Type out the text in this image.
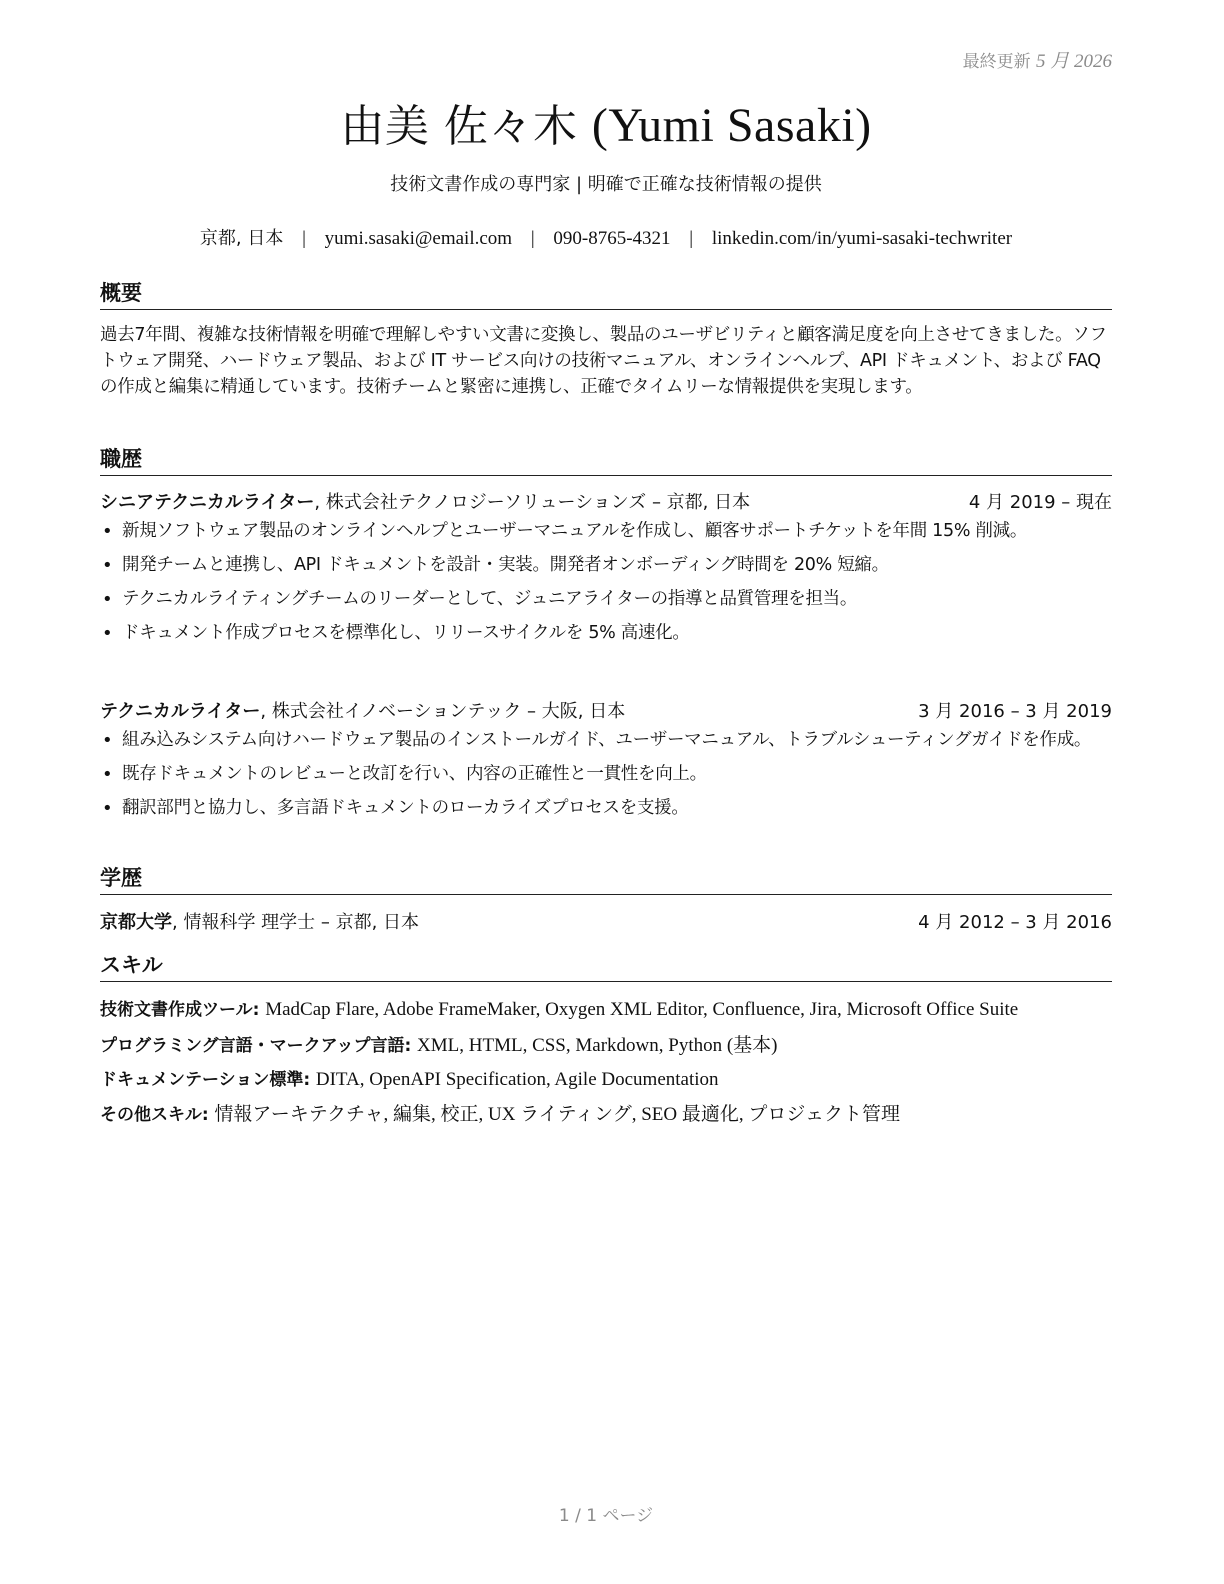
最終更新 5 月 2026
由美 佐々木 (Yumi Sasaki)
技術文書作成の専門家 | 明確で正確な技術情報の提供
京都, 日本 | yumi.sasaki@email.com | 090-8765-4321 | linkedin.com/in/yumi-sasaki-techwriter
概要
過去7年間、複雑な技術情報を明確で理解しやすい文書に変換し、製品のユーザビリティと顧客満足度を向上させてきました。ソフトウェア開発、ハードウェア製品、および IT サービス向けの技術マニュアル、オンラインヘルプ、API ドキュメント、および FAQ の作成と編集に精通しています。技術チームと緊密に連携し、正確でタイムリーな情報提供を実現します。
職歴
シニアテクニカルライター, 株式会社テクノロジーソリューションズ – 京都, 日本	4 月 2019 – 現在
• 新規ソフトウェア製品のオンラインヘルプとユーザーマニュアルを作成し、顧客サポートチケットを年間 15% 削減。
• 開発チームと連携し、API ドキュメントを設計・実装。開発者オンボーディング時間を 20% 短縮。
• テクニカルライティングチームのリーダーとして、ジュニアライターの指導と品質管理を担当。
• ドキュメント作成プロセスを標準化し、リリースサイクルを 5% 高速化。
テクニカルライター, 株式会社イノベーションテック – 大阪, 日本	3 月 2016 – 3 月 2019
• 組み込みシステム向けハードウェア製品のインストールガイド、ユーザーマニュアル、トラブルシューティングガイドを作成。
• 既存ドキュメントのレビューと改訂を行い、内容の正確性と一貫性を向上。
• 翻訳部門と協力し、多言語ドキュメントのローカライズプロセスを支援。
学歴
京都大学, 情報科学 理学士 – 京都, 日本	4 月 2012 – 3 月 2016
スキル
技術文書作成ツール: MadCap Flare, Adobe FrameMaker, Oxygen XML Editor, Confluence, Jira, Microsoft Office Suite
プログラミング言語・マークアップ言語: XML, HTML, CSS, Markdown, Python (基本)
ドキュメンテーション標準: DITA, OpenAPI Specification, Agile Documentation
その他スキル: 情報アーキテクチャ, 編集, 校正, UX ライティング, SEO 最適化, プロジェクト管理
1 / 1 ページ
